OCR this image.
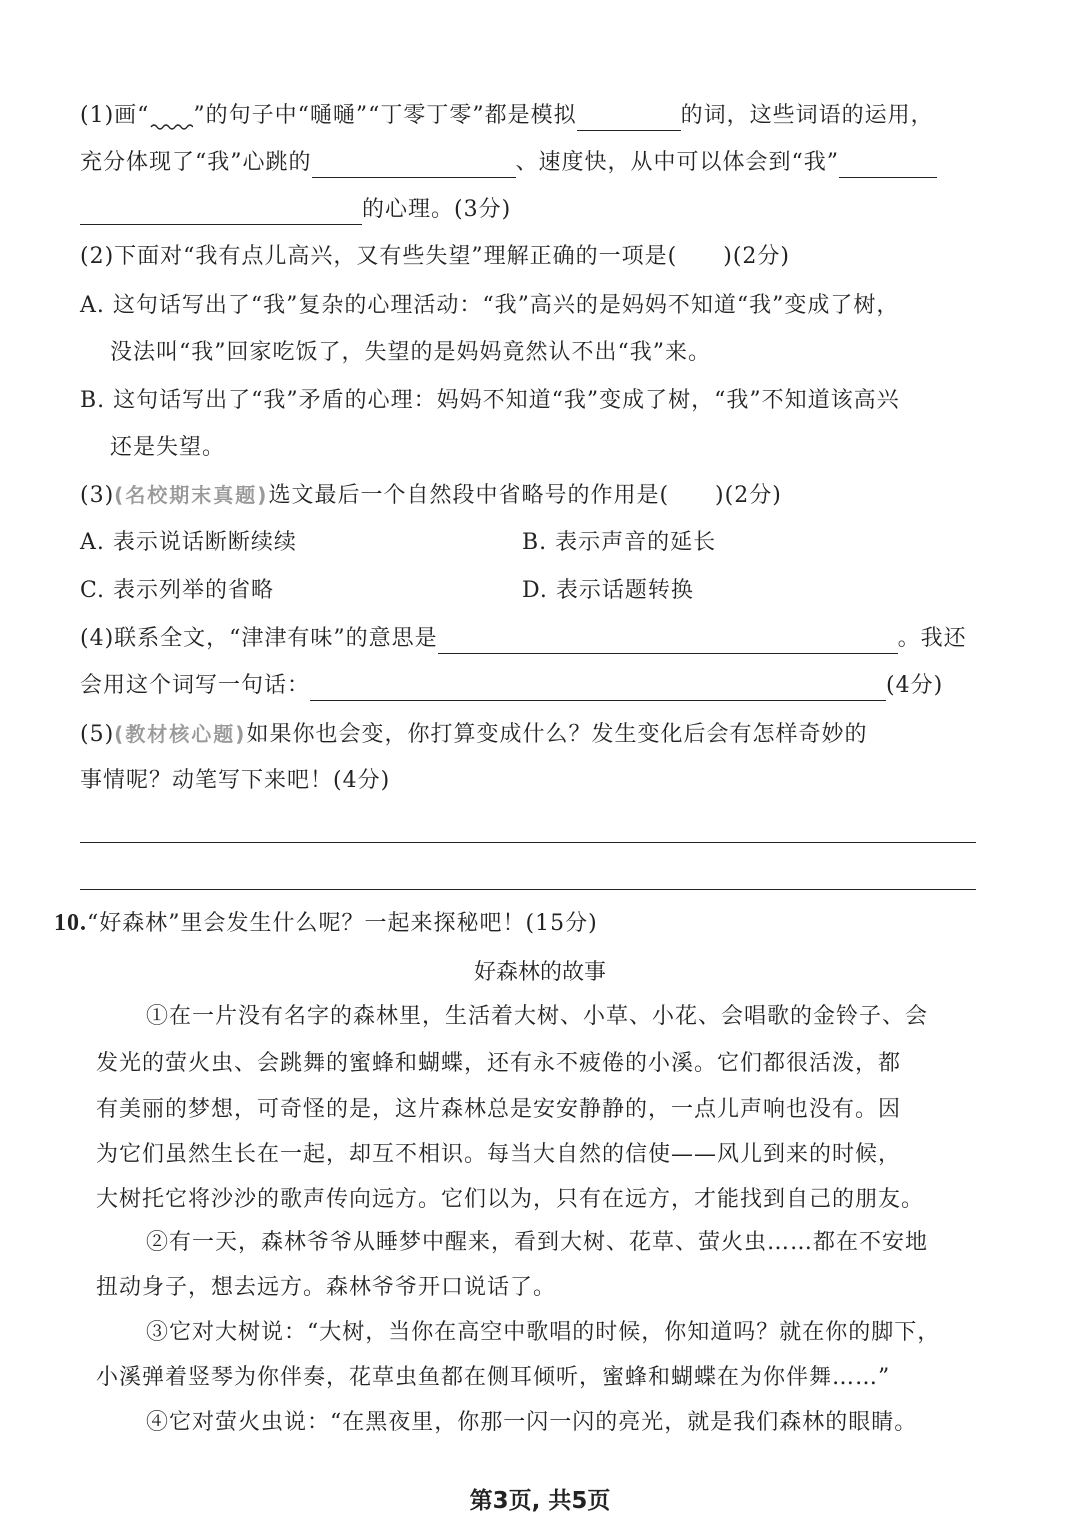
(1)画“ ”的句子中“嗵嗵”“丁零丁零”都是模拟	的词，这些词语的运用，
充分体现了“我”心跳的	、速度快，从中可以体会到“我”
的心理。(3分)
(2)下面对“我有点儿高兴，又有些失望”理解正确的一项是( )(2分)
A. 这句话写出了“我”复杂的心理活动：“我”高兴的是妈妈不知道“我”变成了树，
没法叫“我”回家吃饭了，失望的是妈妈竟然认不出“我”来。
B. 这句话写出了“我”矛盾的心理：妈妈不知道“我”变成了树，“我”不知道该高兴
还是失望。
(3)(名校期末真题)选文最后一个自然段中省略号的作用是( )(2分)
A. 表示说话断断续续	B. 表示声音的延长
C. 表示列举的省略	D. 表示话题转换
(4)联系全文，“津津有味”的意思是	。我还
会用这个词写一句话：	(4分)
(5)(教材核心题)如果你也会变，你打算变成什么？发生变化后会有怎样奇妙的
事情呢？动笔写下来吧！(4分)
10.“好森林”里会发生什么呢？一起来探秘吧！(15分)
好森林的故事
①在一片没有名字的森林里，生活着大树、小草、小花、会唱歌的金铃子、会
发光的萤火虫、会跳舞的蜜蜂和蝴蝶，还有永不疲倦的小溪。它们都很活泼，都
有美丽的梦想，可奇怪的是，这片森林总是安安静静的，一点儿声响也没有。因
为它们虽然生长在一起，却互不相识。每当大自然的信使——风儿到来的时候，
大树托它将沙沙的歌声传向远方。它们以为，只有在远方，才能找到自己的朋友。
②有一天，森林爷爷从睡梦中醒来，看到大树、花草、萤火虫……都在不安地
扭动身子，想去远方。森林爷爷开口说话了。
③它对大树说：“大树，当你在高空中歌唱的时候，你知道吗？就在你的脚下，
小溪弹着竖琴为你伴奏，花草虫鱼都在侧耳倾听，蜜蜂和蝴蝶在为你伴舞……”
④它对萤火虫说：“在黑夜里，你那一闪一闪的亮光，就是我们森林的眼睛。
第3页, 共5页
